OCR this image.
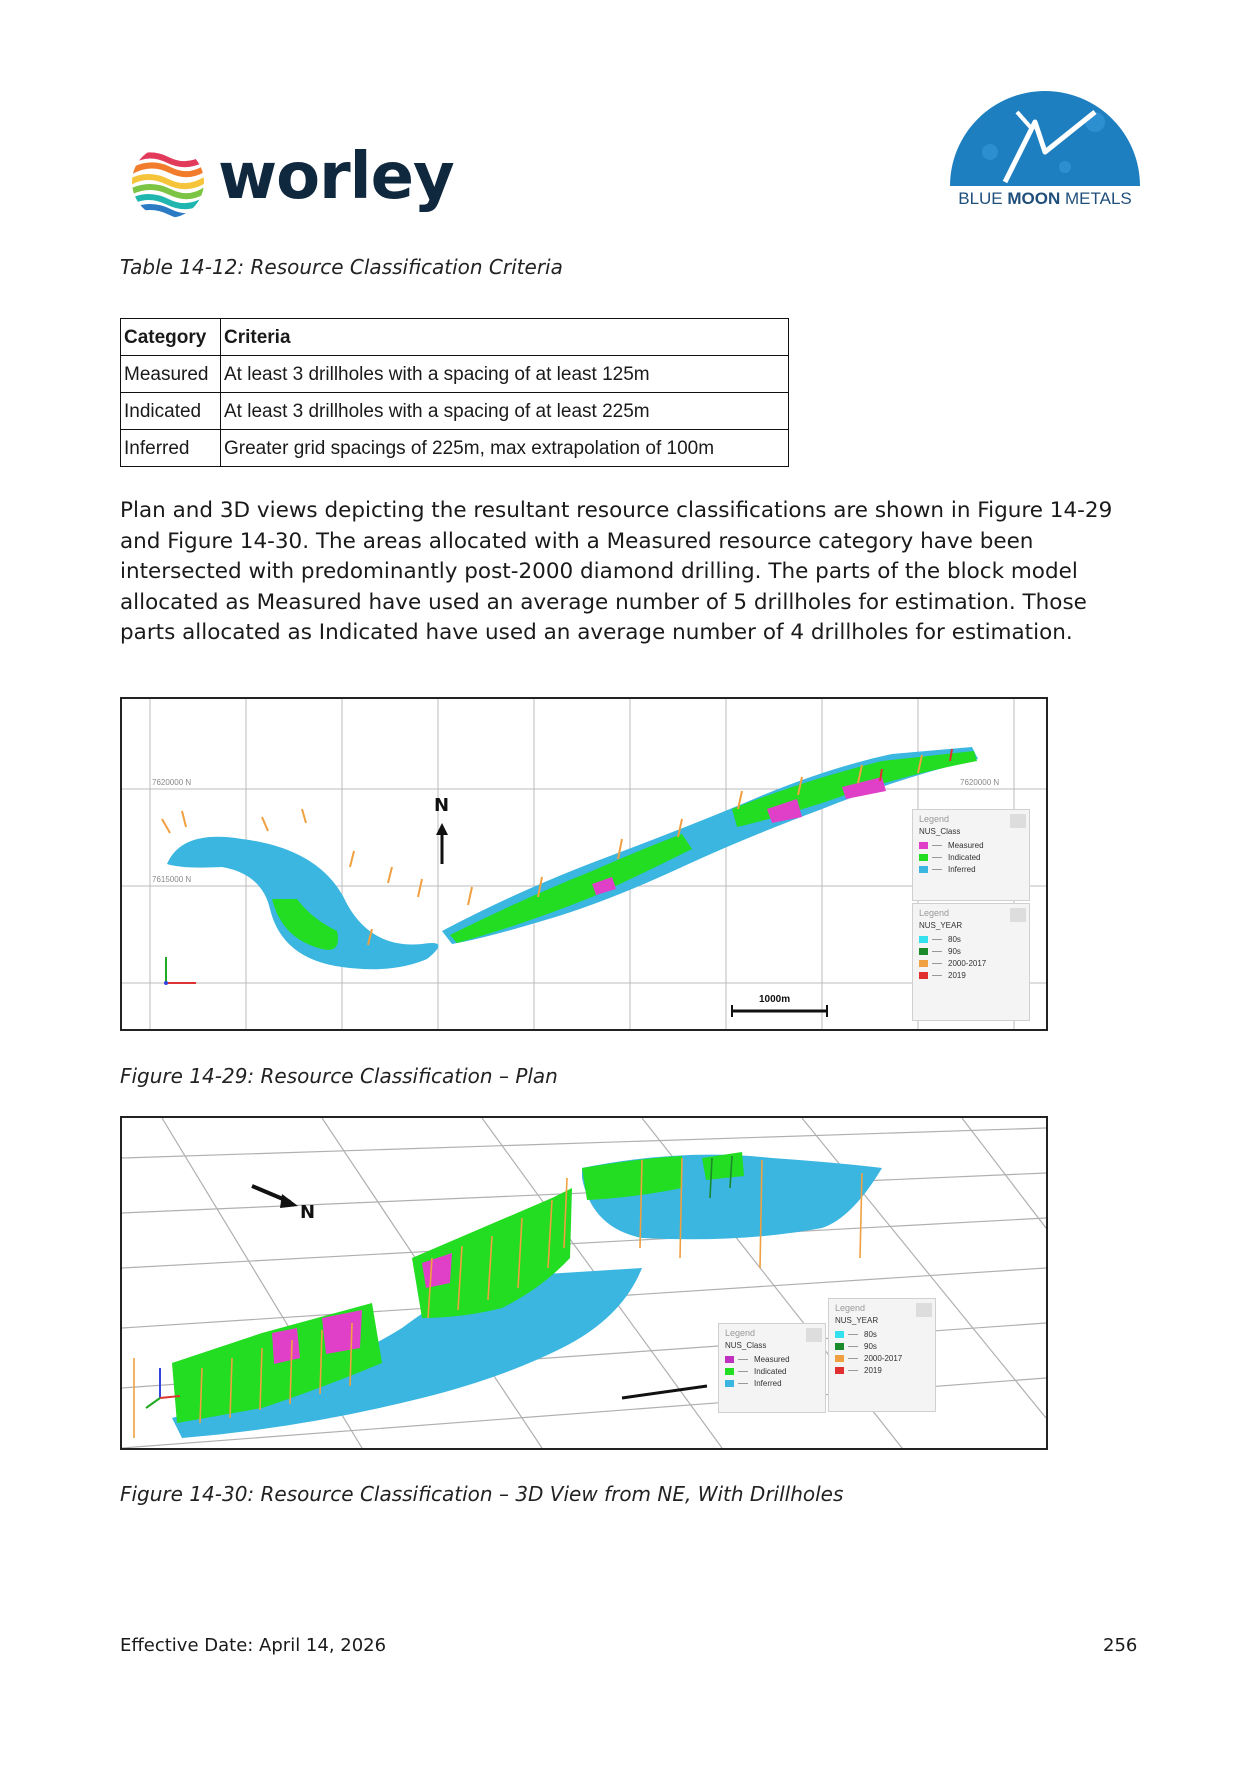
worley	BLUE MOON METALS
Table 14-12: Resource Classification Criteria
Category	Criteria
Measured	At least 3 drillholes with a spacing of at least 125m
Indicated	At least 3 drillholes with a spacing of at least 225m
Inferred	Greater grid spacings of 225m, max extrapolation of 100m
Plan and 3D views depicting the resultant resource classifications are shown in Figure 14-29 and Figure 14-30. The areas allocated with a Measured resource category have been intersected with predominantly post-2000 diamond drilling. The parts of the block model allocated as Measured have used an average number of 5 drillholes for estimation. Those parts allocated as Indicated have used an average number of 4 drillholes for estimation.
N
7620000 N
7615000 N
7620000 N
1000m
Legend
NUS_Class
Measured
Indicated
Inferred
Legend
NUS_YEAR
80s
90s
2000-2017
2019
Figure 14-29: Resource Classification – Plan
N
Legend
NUS_Class
Measured
Indicated
Inferred
Legend
NUS_YEAR
80s
90s
2000-2017
2019
Figure 14-30: Resource Classification – 3D View from NE, With Drillholes
Effective Date: April 14, 2026	256
